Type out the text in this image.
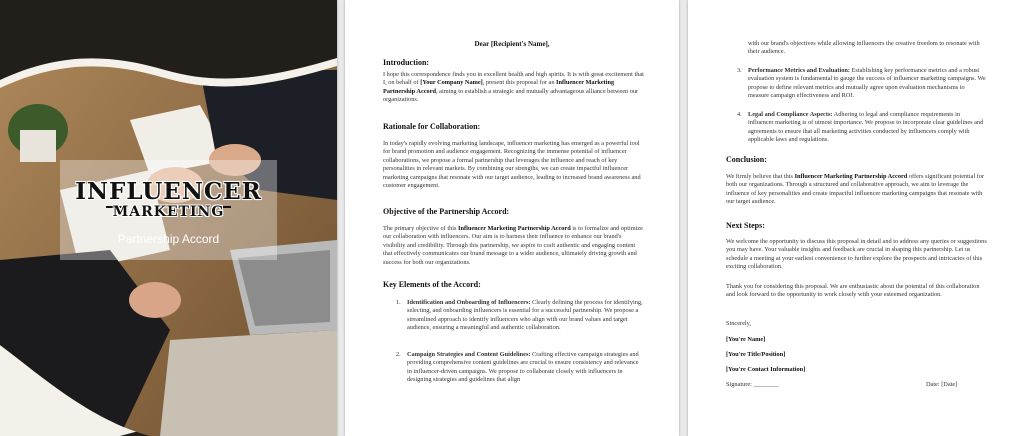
INFLUENCER
MARKETING
Partnership Accord
Dear [Recipient's Name],
Introduction:

I hope this correspondence finds you in excellent health and high spirits. It is with great excitement that I, on behalf of [Your Company Name], present this proposal for an Influencer Marketing Partnership Accord, aiming to establish a strategic and mutually advantageous alliance between our organizations.

Rationale for Collaboration:
In today's rapidly evolving marketing landscape, influencer marketing has emerged as a powerful tool for brand promotion and audience engagement. Recognizing the immense potential of influencer collaborations, we propose a formal partnership that leverages the influence and reach of key personalities in relevant markets. By combining our strengths, we can create impactful influencer marketing campaigns that resonate with our target audience, leading to increased brand awareness and customer engagement.
Objective of the Partnership Accord:

The primary objective of this Influencer Marketing Partnership Accord is to formalize and optimize our collaboration with influencers. Our aim is to harness their influence to enhance our brand's visibility and credibility. Through this partnership, we aspire to craft authentic and engaging content that effectively communicates our brand message to a wider audience, ultimately driving growth and success for both our organizations.

Key Elements of the Accord:
1. Identification and Onboarding of Influencers: Clearly defining the process for identifying, selecting, and onboarding influencers is essential for a successful partnership. We propose a streamlined approach to identify influencers who align with our brand values and target audience, ensuring a meaningful and authentic collaboration.
2. Campaign Strategies and Content Guidelines: Crafting effective campaign strategies and providing comprehensive content guidelines are crucial to ensure consistency and relevance in influencer-driven campaigns. We propose to collaborate closely with influencers in designing strategies and guidelines that align
with our brand's objectives while allowing influencers the creative freedom to resonate with their audience.
3. Performance Metrics and Evaluation: Establishing key performance metrics and a robust evaluation system is fundamental to gauge the success of influencer marketing campaigns. We propose to define relevant metrics and mutually agree upon evaluation mechanisms to measure campaign effectiveness and ROI.
4. Legal and Compliance Aspects: Adhering to legal and compliance requirements in influencer marketing is of utmost importance. We propose to incorporate clear guidelines and agreements to ensure that all marketing activities conducted by influencers comply with applicable laws and regulations.
Conclusion:

We firmly believe that this Influencer Marketing Partnership Accord offers significant potential for both our organizations. Through a structured and collaborative approach, we aim to leverage the influence of key personalities and create impactful influencer marketing campaigns that resonate with our target audience.

Next Steps:
We welcome the opportunity to discuss this proposal in detail and to address any queries or suggestions you may have. Your valuable insights and feedback are crucial in shaping this partnership. Let us schedule a meeting at your earliest convenience to further explore the prospects and intricacies of this exciting collaboration.
Thank you for considering this proposal. We are enthusiastic about the potential of this collaboration and look forward to the opportunity to work closely with your esteemed organization.
Sincerely,
[You're Name]
[You're Title/Position]
[You're Contact Information]
Signature: ________	Date: [Date]
